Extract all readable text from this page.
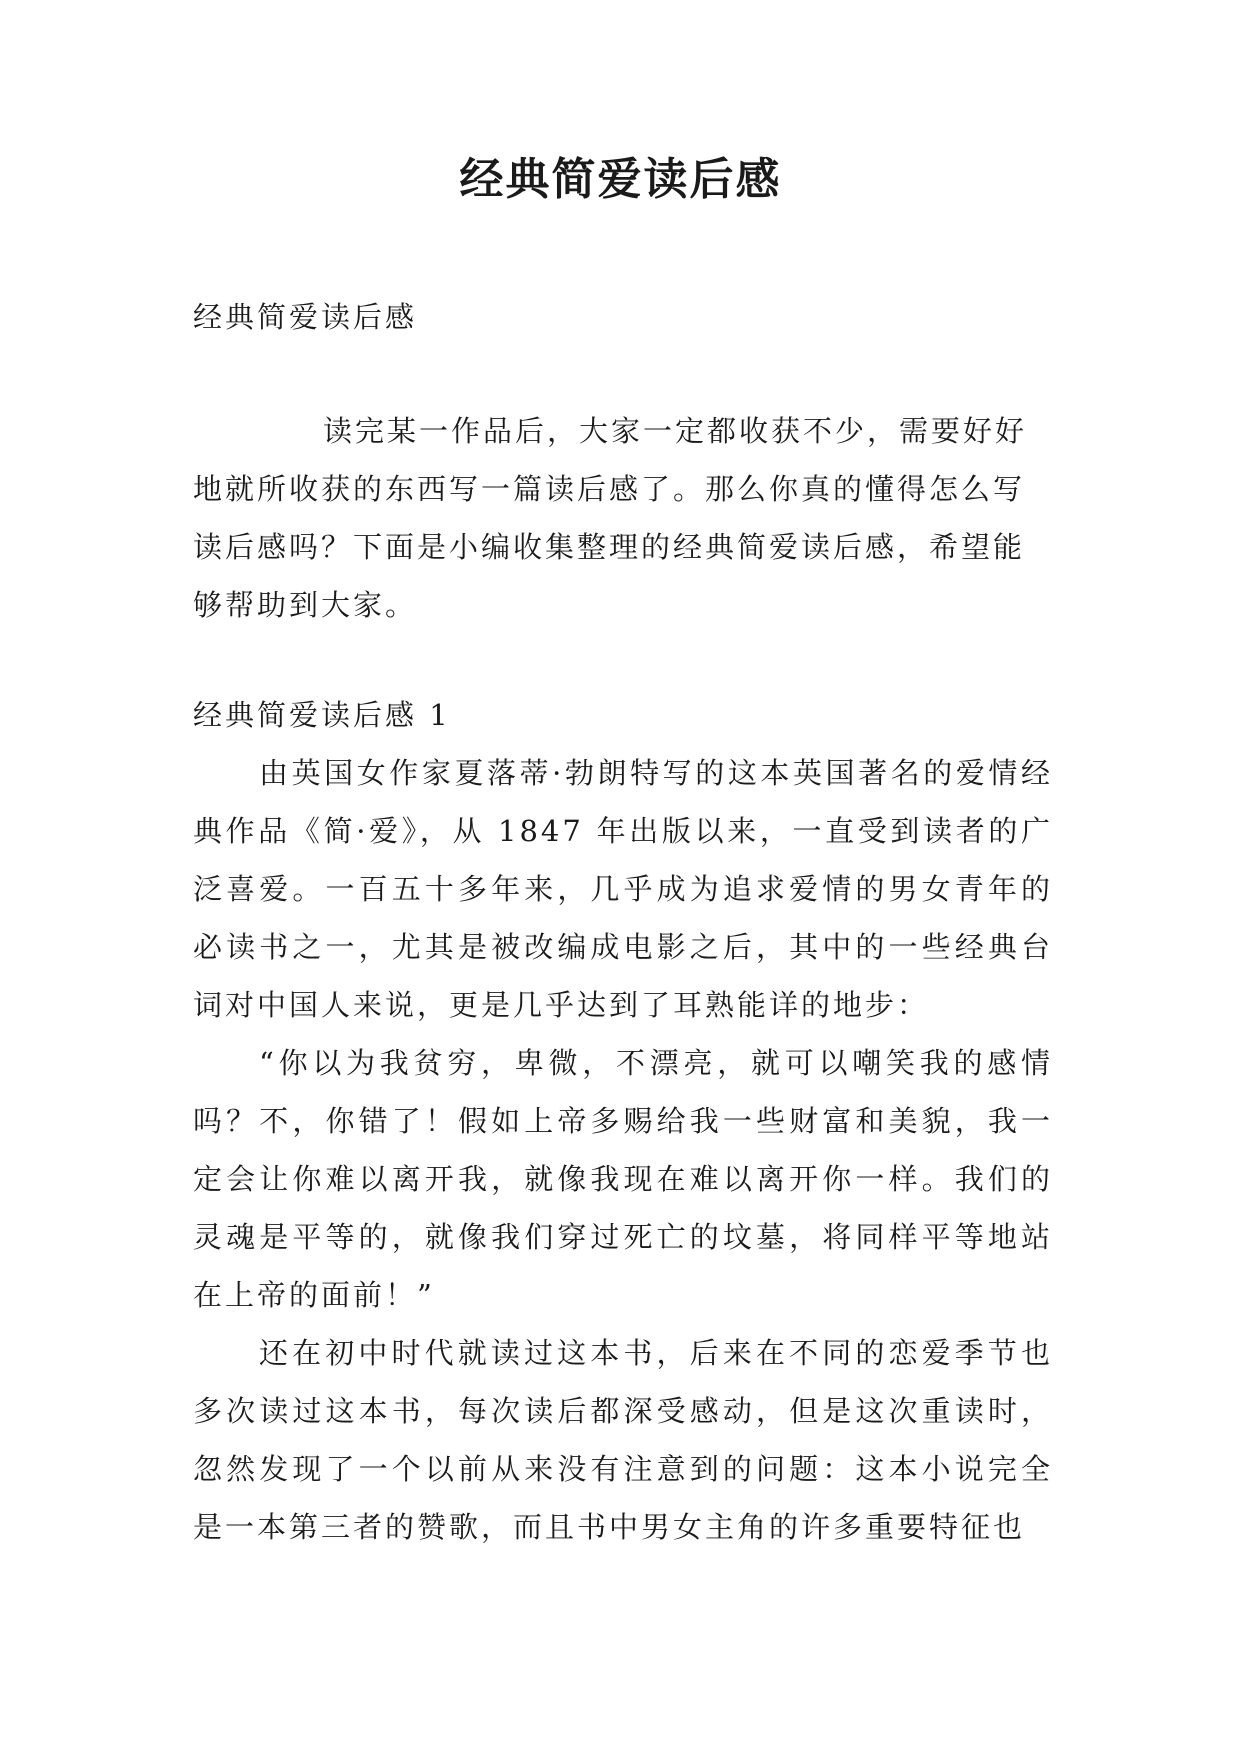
经典简爱读后感
经典简爱读后感
读完某一作品后，大家一定都收获不少，需要好好地就所收获的东西写一篇读后感了。那么你真的懂得怎么写读后感吗？下面是小编收集整理的经典简爱读后感，希望能够帮助到大家。
经典简爱读后感 1

由英国女作家夏落蒂·勃朗特写的这本英国著名的爱情经典作品《简·爱》，从 1847 年出版以来，一直受到读者的广泛喜爱。一百五十多年来，几乎成为追求爱情的男女青年的必读书之一，尤其是被改编成电影之后，其中的一些经典台词对中国人来说，更是几乎达到了耳熟能详的地步：

“你以为我贫穷，卑微，不漂亮，就可以嘲笑我的感情吗？不，你错了！假如上帝多赐给我一些财富和美貌，我一定会让你难以离开我，就像我现在难以离开你一样。我们的灵魂是平等的，就像我们穿过死亡的坟墓，将同样平等地站在上帝的面前！”

还在初中时代就读过这本书，后来在不同的恋爱季节也多次读过这本书，每次读后都深受感动，但是这次重读时，忽然发现了一个以前从来没有注意到的问题：这本小说完全是一本第三者的赞歌，而且书中男女主角的许多重要特征也
